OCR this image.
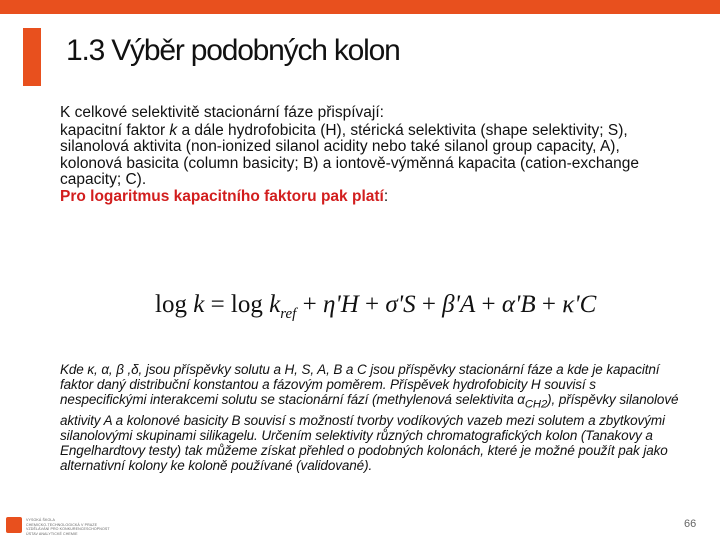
1.3 Výběr podobných kolon

K celkové selektivitě stacionární fáze přispívají:

kapacitní faktor k a dále hydrofobicita (H), stérická selektivita (shape selektivity; S), silanolová aktivita (non-ionized silanol acidity nebo také silanol group capacity, A), kolonová basicita (column basicity; B) a iontově-výměnná kapacita (cation-exchange capacity; C).

Pro logaritmus kapacitního faktoru pak platí:

$\log k = \log k_{ref} + \eta'H + \sigma'S + \beta'A + \alpha'B + \kappa'C$
Kde κ, α, β ,δ, jsou příspěvky solutu a H, S, A, B a C jsou příspěvky stacionární fáze a kde je kapacitní faktor daný distribuční konstantou a fázovým poměrem. Příspěvek hydrofobicity H souvisí s nespecifickými interakcemi solutu se stacionární fází (methylenová selektivita $\alpha_{CH2}$), příspěvky silanolové aktivity A a kolonové basicity B souvisí s možností tvorby vodíkových vazeb mezi solutem a zbytkovými silanolovými skupinami silikagelu. Určením selektivity různých chromatografických kolon (Tanakovy a Engelhardtovy testy) tak můžeme získat přehled o podobných kolonách, které je možné použít pak jako alternativní kolony ke koloně používané (validované).
VYSOKÁ ŠKOLA
CHEMICKO-TECHNOLOGICKÁ V PRAZE
VZDĚLÁVÁNÍ PRO KONKURENCESCHOPNOST
ÚSTAV ANALYTICKÉ CHEMIE
66
